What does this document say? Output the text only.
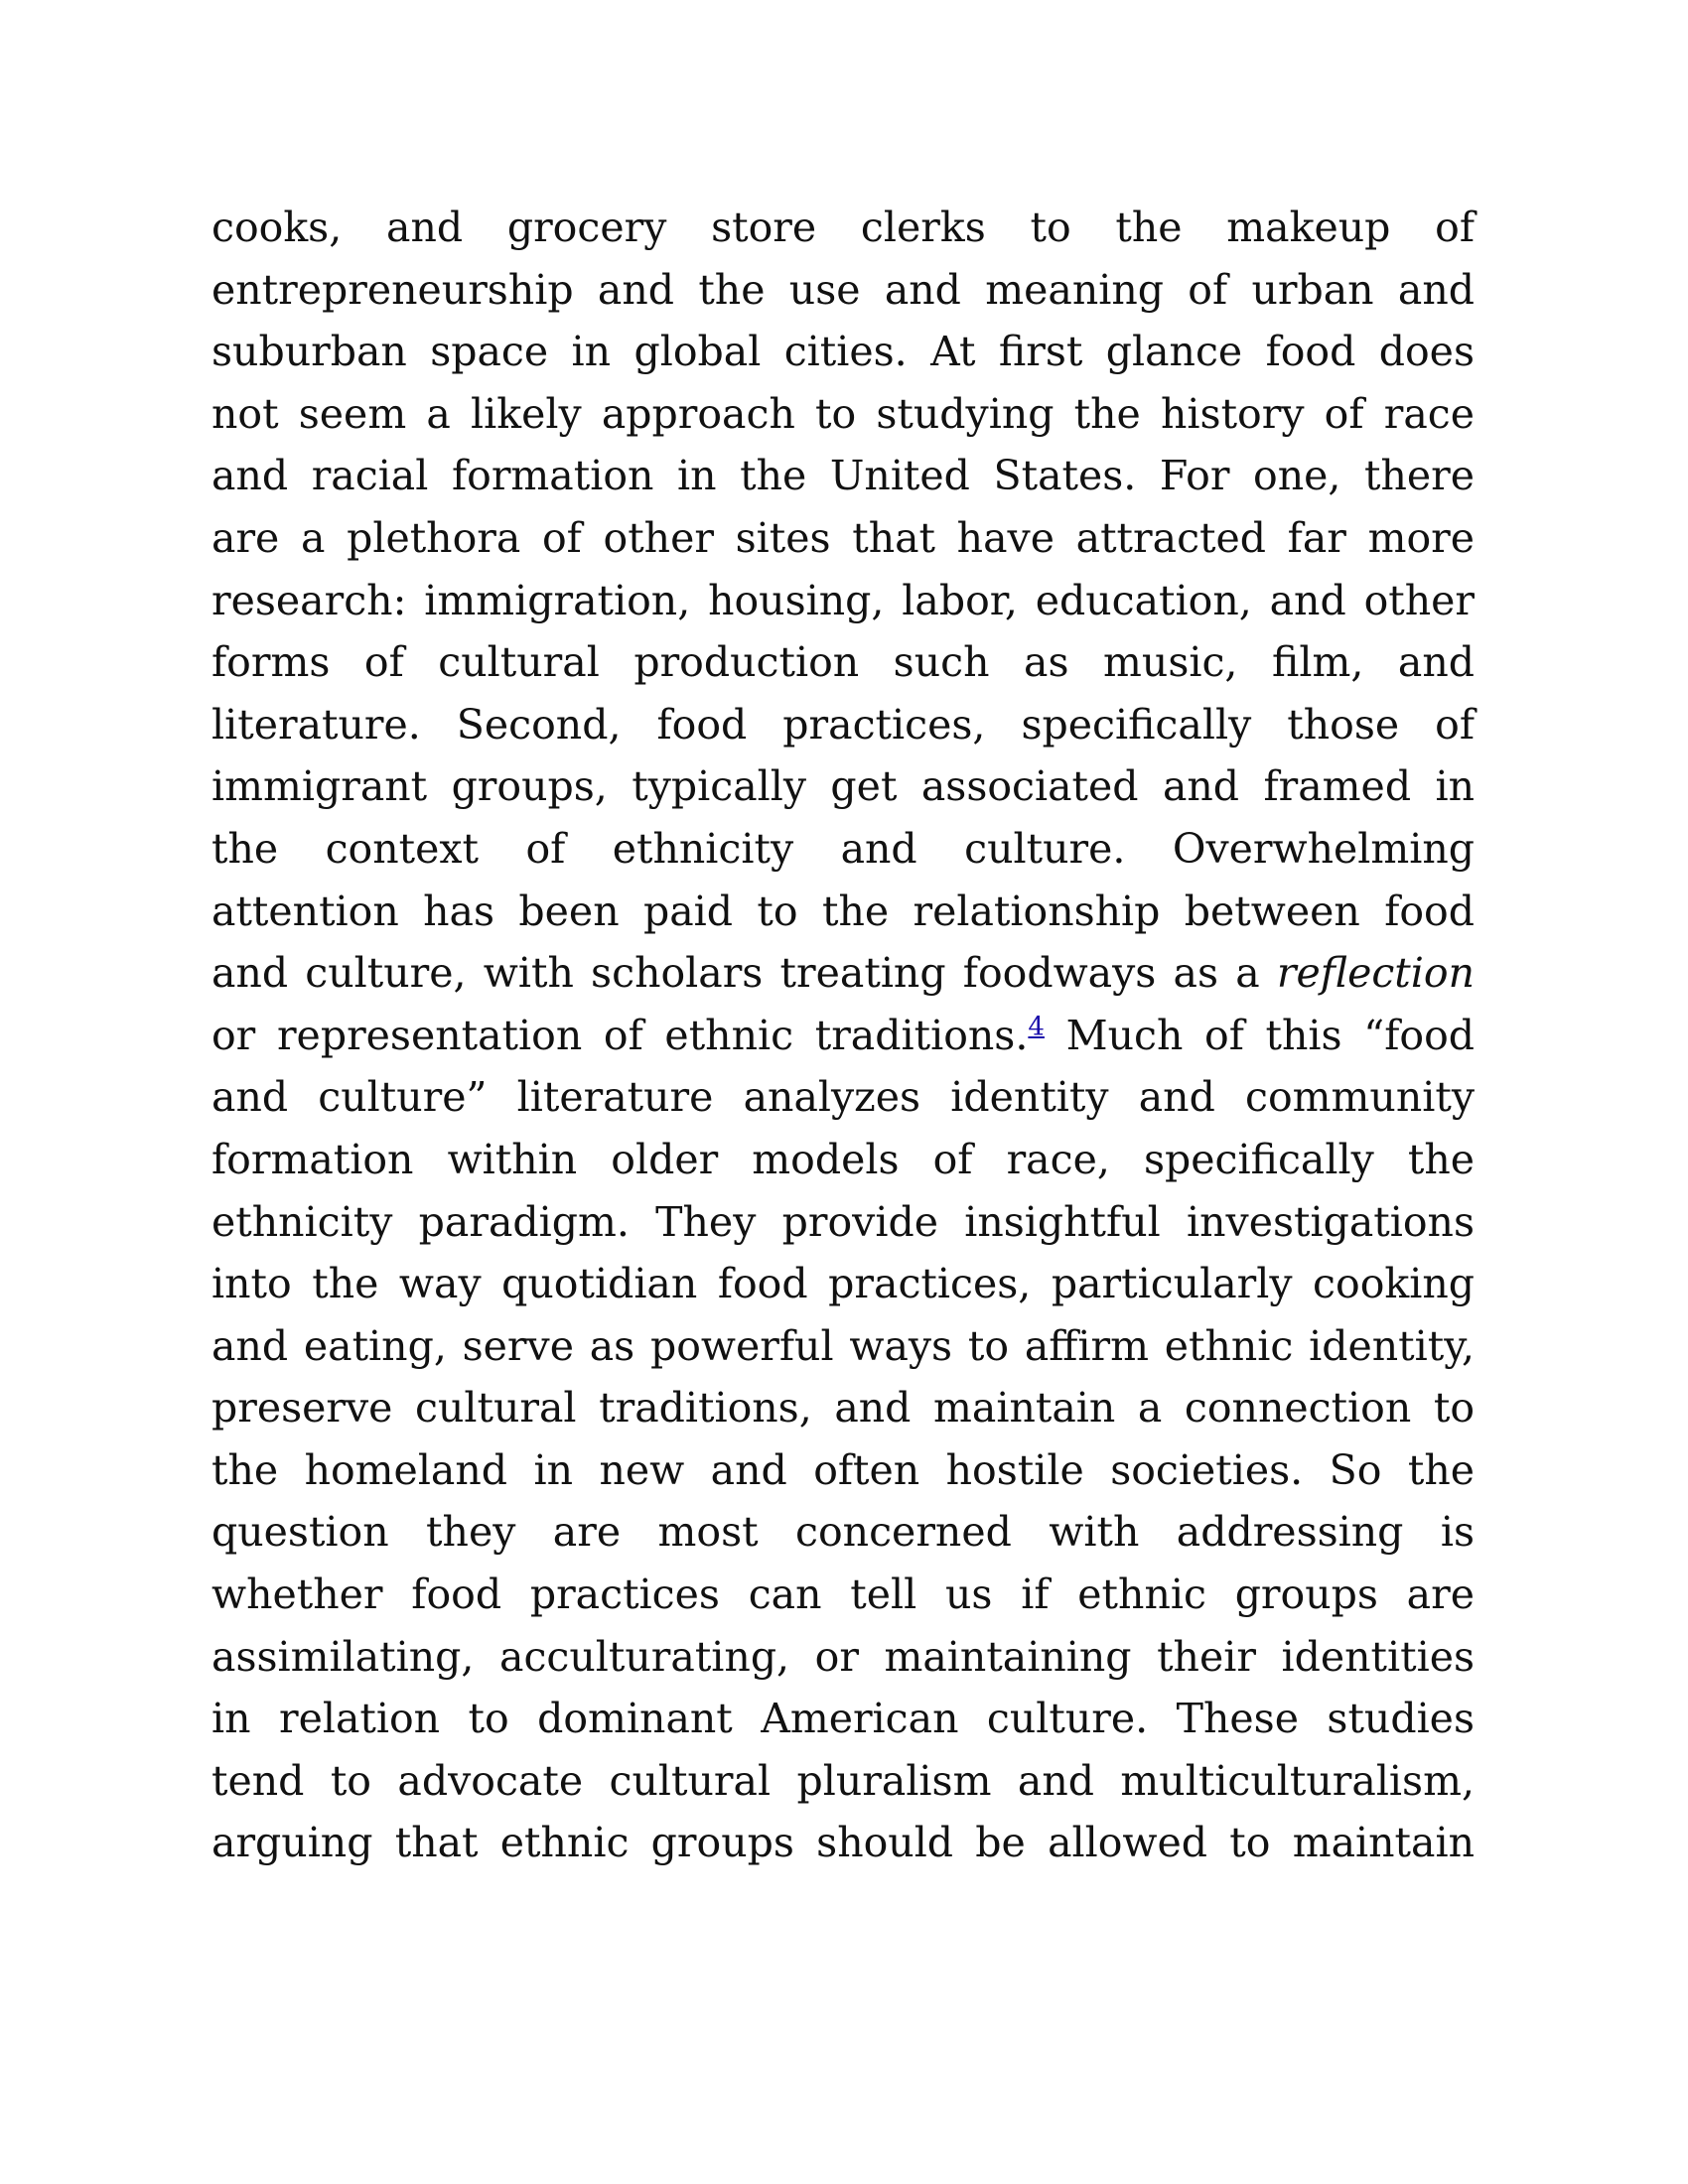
cooks, and grocery store clerks to the makeup of
entrepreneurship and the use and meaning of urban and
suburban space in global cities. At first glance food does
not seem a likely approach to studying the history of race
and racial formation in the United States. For one, there
are a plethora of other sites that have attracted far more
research: immigration, housing, labor, education, and other
forms of cultural production such as music, film, and
literature. Second, food practices, specifically those of
immigrant groups, typically get associated and framed in
the context of ethnicity and culture. Overwhelming
attention has been paid to the relationship between food
and culture, with scholars treating foodways as a reflection
or representation of ethnic traditions.$^4$ Much of this “food
and culture” literature analyzes identity and community
formation within older models of race, specifically the
ethnicity paradigm. They provide insightful investigations
into the way quotidian food practices, particularly cooking
and eating, serve as powerful ways to affirm ethnic identity,
preserve cultural traditions, and maintain a connection to
the homeland in new and often hostile societies. So the
question they are most concerned with addressing is
whether food practices can tell us if ethnic groups are
assimilating, acculturating, or maintaining their identities
in relation to dominant American culture. These studies
tend to advocate cultural pluralism and multiculturalism,
arguing that ethnic groups should be allowed to maintain
